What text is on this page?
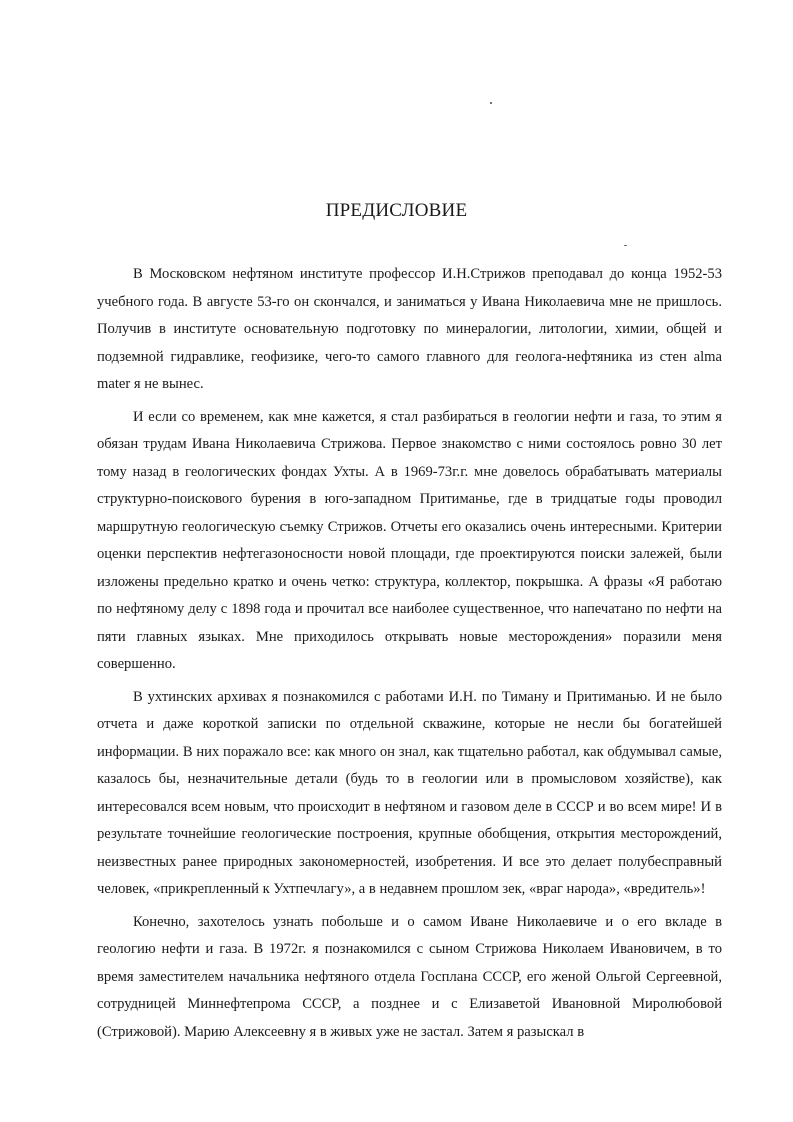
ПРЕДИСЛОВИЕ

В Московском нефтяном институте профессор И.Н.Стрижов преподавал до конца 1952-53 учебного года. В августе 53-го он скончался, и заниматься у Ивана Николаевича мне не пришлось. Получив в институте основательную подготовку по минералогии, литологии, химии, общей и подземной гидравлике, геофизике, чего-то самого главного для геолога-нефтяника из стен alma mater я не вынес.

И если со временем, как мне кажется, я стал разбираться в геологии нефти и газа, то этим я обязан трудам Ивана Николаевича Стрижова. Первое знакомство с ними состоялось ровно 30 лет тому назад в геологических фондах Ухты. А в 1969-73г.г. мне довелось обрабатывать материалы структурно-поискового бурения в юго-западном Притиманье, где в тридцатые годы проводил маршрутную геологическую съемку Стрижов. Отчеты его оказались очень интересными. Критерии оценки перспектив нефтегазоносности новой площади, где проектируются поиски залежей, были изложены предельно кратко и очень четко: структура, коллектор, покрышка. А фразы «Я работаю по нефтяному делу с 1898 года и прочитал все наиболее существенное, что напечатано по нефти на пяти главных языках. Мне приходилось открывать новые месторождения» поразили меня совершенно.

В ухтинских архивах я познакомился с работами И.Н. по Тиману и Притиманью. И не было отчета и даже короткой записки по отдельной скважине, которые не несли бы богатейшей информации. В них поражало все: как много он знал, как тщательно работал, как обдумывал самые, казалось бы, незначительные детали (будь то в геологии или в промысловом хозяйстве), как интересовался всем новым, что происходит в нефтяном и газовом деле в СССР и во всем мире! И в результате точнейшие геологические построения, крупные обобщения, открытия месторождений, неизвестных ранее природных закономерностей, изобретения. И все это делает полубесправный человек, «прикрепленный к Ухтпечлагу», а в недавнем прошлом зек, «враг народа», «вредитель»!

Конечно, захотелось узнать побольше и о самом Иване Николаевиче и о его вкладе в геологию нефти и газа. В 1972г. я познакомился с сыном Стрижова Николаем Ивановичем, в то время заместителем начальника нефтяного отдела Госплана СССР, его женой Ольгой Сергеевной, сотрудницей Миннефтепрома СССР, а позднее и с Елизаветой Ивановной Миролюбовой (Стрижовой). Марию Алексеевну я в живых уже не застал. Затем я разыскал в
